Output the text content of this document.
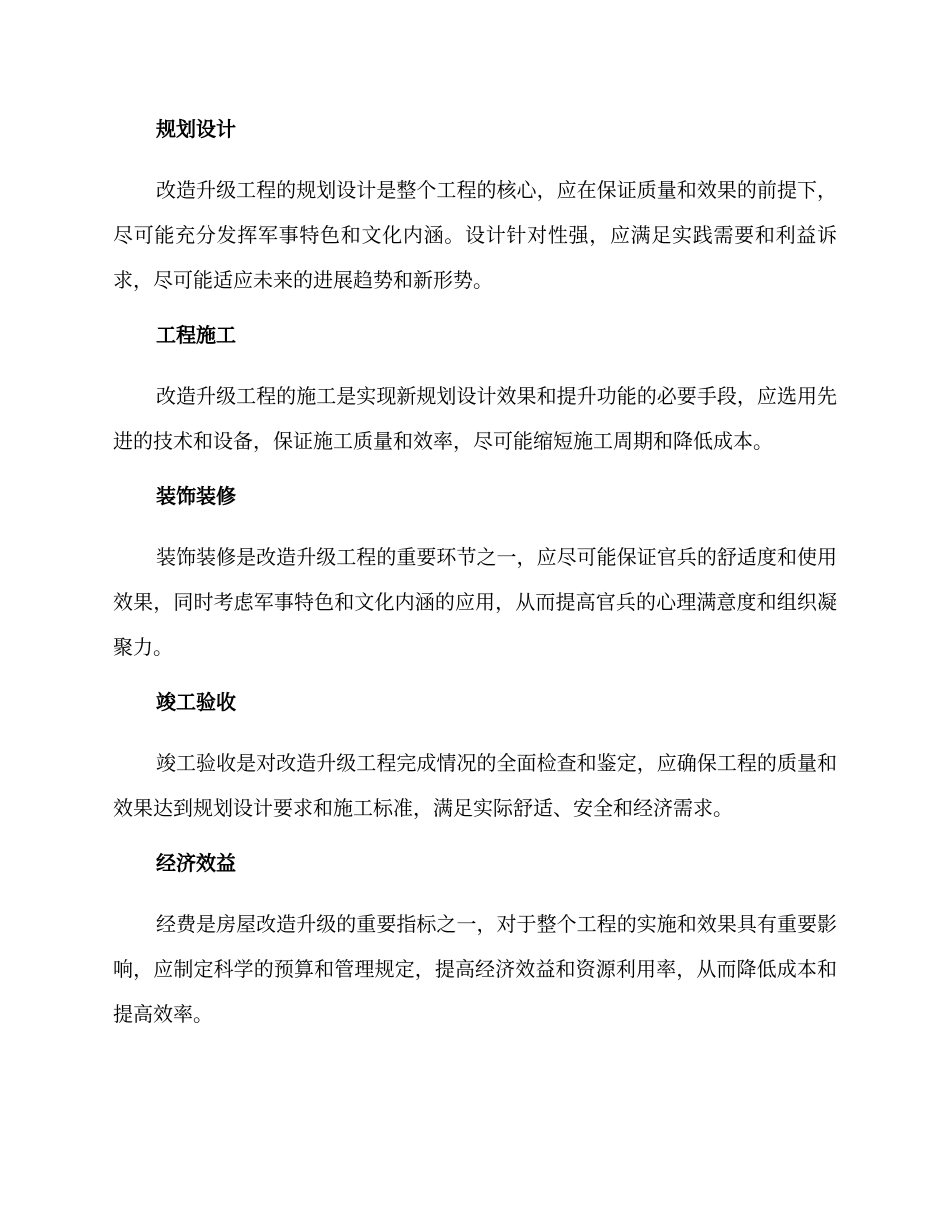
规划设计

改造升级工程的规划设计是整个工程的核心，应在保证质量和效果的前提下，尽可能充分发挥军事特色和文化内涵。设计针对性强，应满足实践需要和利益诉求，尽可能适应未来的进展趋势和新形势。

工程施工

改造升级工程的施工是实现新规划设计效果和提升功能的必要手段，应选用先进的技术和设备，保证施工质量和效率，尽可能缩短施工周期和降低成本。

装饰装修

装饰装修是改造升级工程的重要环节之一，应尽可能保证官兵的舒适度和使用效果，同时考虑军事特色和文化内涵的应用，从而提高官兵的心理满意度和组织凝聚力。

竣工验收

竣工验收是对改造升级工程完成情况的全面检查和鉴定，应确保工程的质量和效果达到规划设计要求和施工标准，满足实际舒适、安全和经济需求。

经济效益

经费是房屋改造升级的重要指标之一，对于整个工程的实施和效果具有重要影响，应制定科学的预算和管理规定，提高经济效益和资源利用率，从而降低成本和提高效率。
